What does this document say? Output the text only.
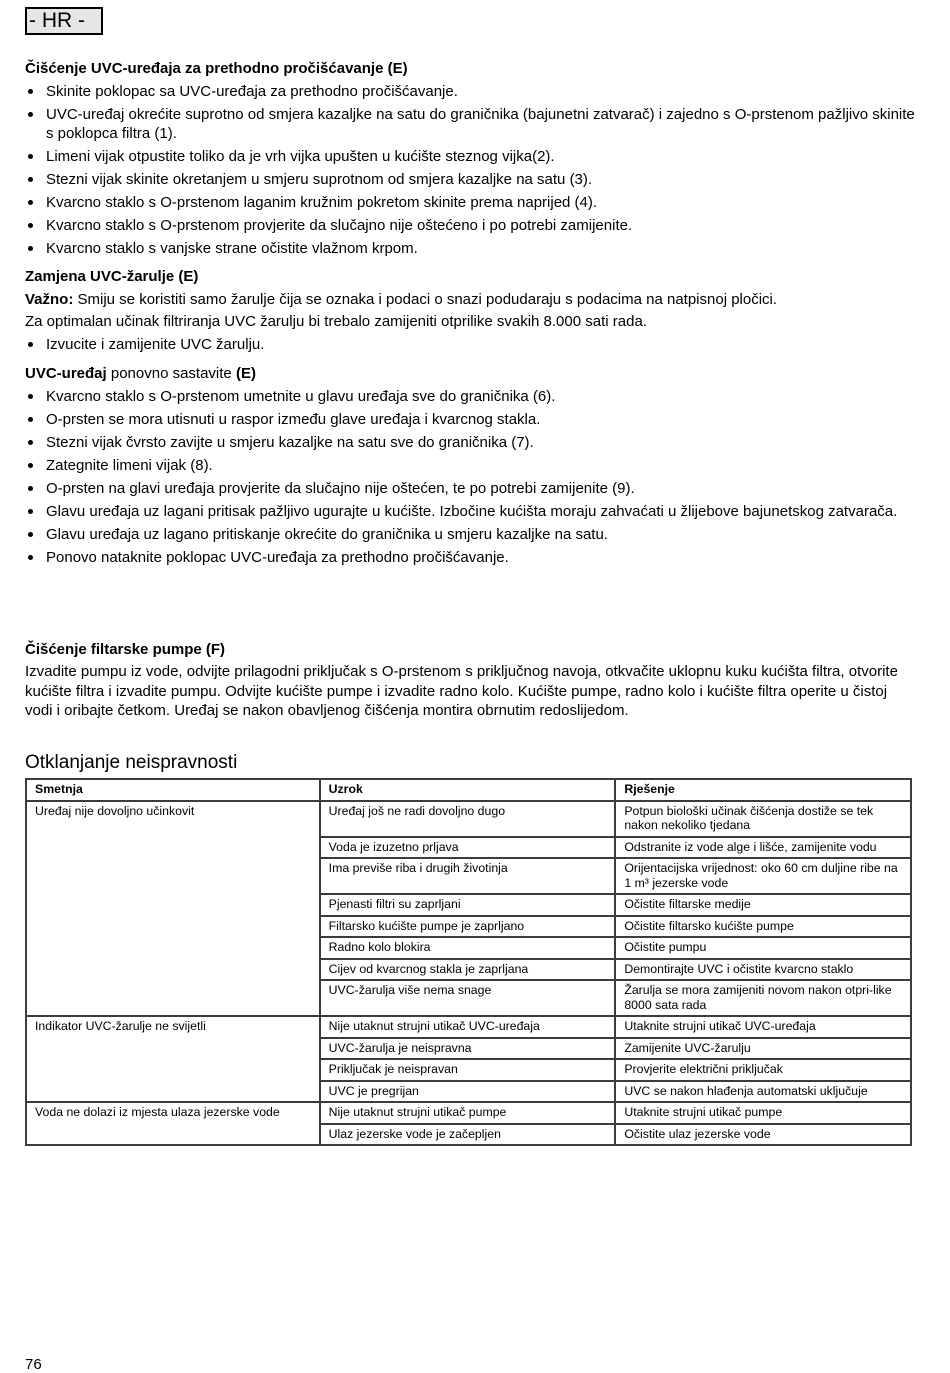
- HR -
Čišćenje UVC-uređaja za prethodno pročišćavanje (E)
Skinite poklopac sa UVC-uređaja za prethodno pročišćavanje.
UVC-uređaj okrećite suprotno od smjera kazaljke na satu do graničnika (bajunetni zatvarač) i zajedno s O-prstenom pažljivo skinite s poklopca filtra (1).
Limeni vijak otpustite toliko da je vrh vijka upušten u kućište steznog vijka(2).
Stezni vijak skinite okretanjem u smjeru suprotnom od smjera kazaljke na satu (3).
Kvarcno staklo s O-prstenom laganim kružnim pokretom skinite prema naprijed (4).
Kvarcno staklo s O-prstenom provjerite da slučajno nije oštećeno i po potrebi zamijenite.
Kvarcno staklo s vanjske strane očistite vlažnom krpom.
Zamjena UVC-žarulje (E)

Važno: Smiju se koristiti samo žarulje čija se oznaka i podaci o snazi podudaraju s podacima na natpisnoj pločici.

Za optimalan učinak filtriranja UVC žarulju bi trebalo zamijeniti otprilike svakih 8.000 sati rada.

Izvucite i zamijenite UVC žarulju.
UVC-uređaj ponovno sastavite (E)
Kvarcno staklo s O-prstenom umetnite u glavu uređaja sve do graničnika (6).
O-prsten se mora utisnuti u raspor između glave uređaja i kvarcnog stakla.
Stezni vijak čvrsto zavijte u smjeru kazaljke na satu sve do graničnika (7).
Zategnite limeni vijak (8).
O-prsten na glavi uređaja provjerite da slučajno nije oštećen, te po potrebi zamijenite (9).
Glavu uređaja uz lagani pritisak pažljivo ugurajte u kućište. Izbočine kućišta moraju zahvaćati u žlijebove bajunetskog zatvarača.
Glavu uređaja uz lagano pritiskanje okrećite do graničnika u smjeru kazaljke na satu.
Ponovo nataknite poklopac UVC-uređaja za prethodno pročišćavanje.
Čišćenje filtarske pumpe (F)

Izvadite pumpu iz vode, odvijte prilagodni priključak s O-prstenom s priključnog navoja, otkvačite uklopnu kuku kućišta filtra, otvorite kućište filtra i izvadite pumpu. Odvijte kućište pumpe i izvadite radno kolo. Kućište pumpe, radno kolo i kućište filtra operite u čistoj vodi i oribajte četkom. Uređaj se nakon obavljenog čišćenja montira obrnutim redoslijedom.

Otklanjanje neispravnosti
Smetnja	Uzrok	Rješenje
Uređaj nije dovoljno učinkovit	Uređaj još ne radi dovoljno dugo	Potpun biološki učinak čišćenja dostiže se tek nakon nekoliko tjedana
	Voda je izuzetno prljava	Odstranite iz vode alge i lišće, zamijenite vodu
	Ima previše riba i drugih životinja	Orijentacijska vrijednost: oko 60 cm duljine ribe na 1 m³ jezerske vode
	Pjenasti filtri su zaprljani	Očistite filtarske medije
	Filtarsko kućište pumpe je zaprljano	Očistite filtarsko kućište pumpe
	Radno kolo blokira	Očistite pumpu
	Cijev od kvarcnog stakla je zaprljana	Demontirajte UVC i očistite kvarcno staklo
	UVC-žarulja više nema snage	Žarulja se mora zamijeniti novom nakon otpri-like 8000 sata rada
Indikator UVC-žarulje ne svijetli	Nije utaknut strujni utikač UVC-uređaja	Utaknite strujni utikač UVC-uređaja
	UVC-žarulja je neispravna	Zamijenite UVC-žarulju
	Priključak je neispravan	Provjerite električni priključak
	UVC je pregrijan	UVC se nakon hlađenja automatski uključuje
Voda ne dolazi iz mjesta ulaza jezerske vode	Nije utaknut strujni utikač pumpe	Utaknite strujni utikač pumpe
	Ulaz jezerske vode je začepljen	Očistite ulaz jezerske vode
76
